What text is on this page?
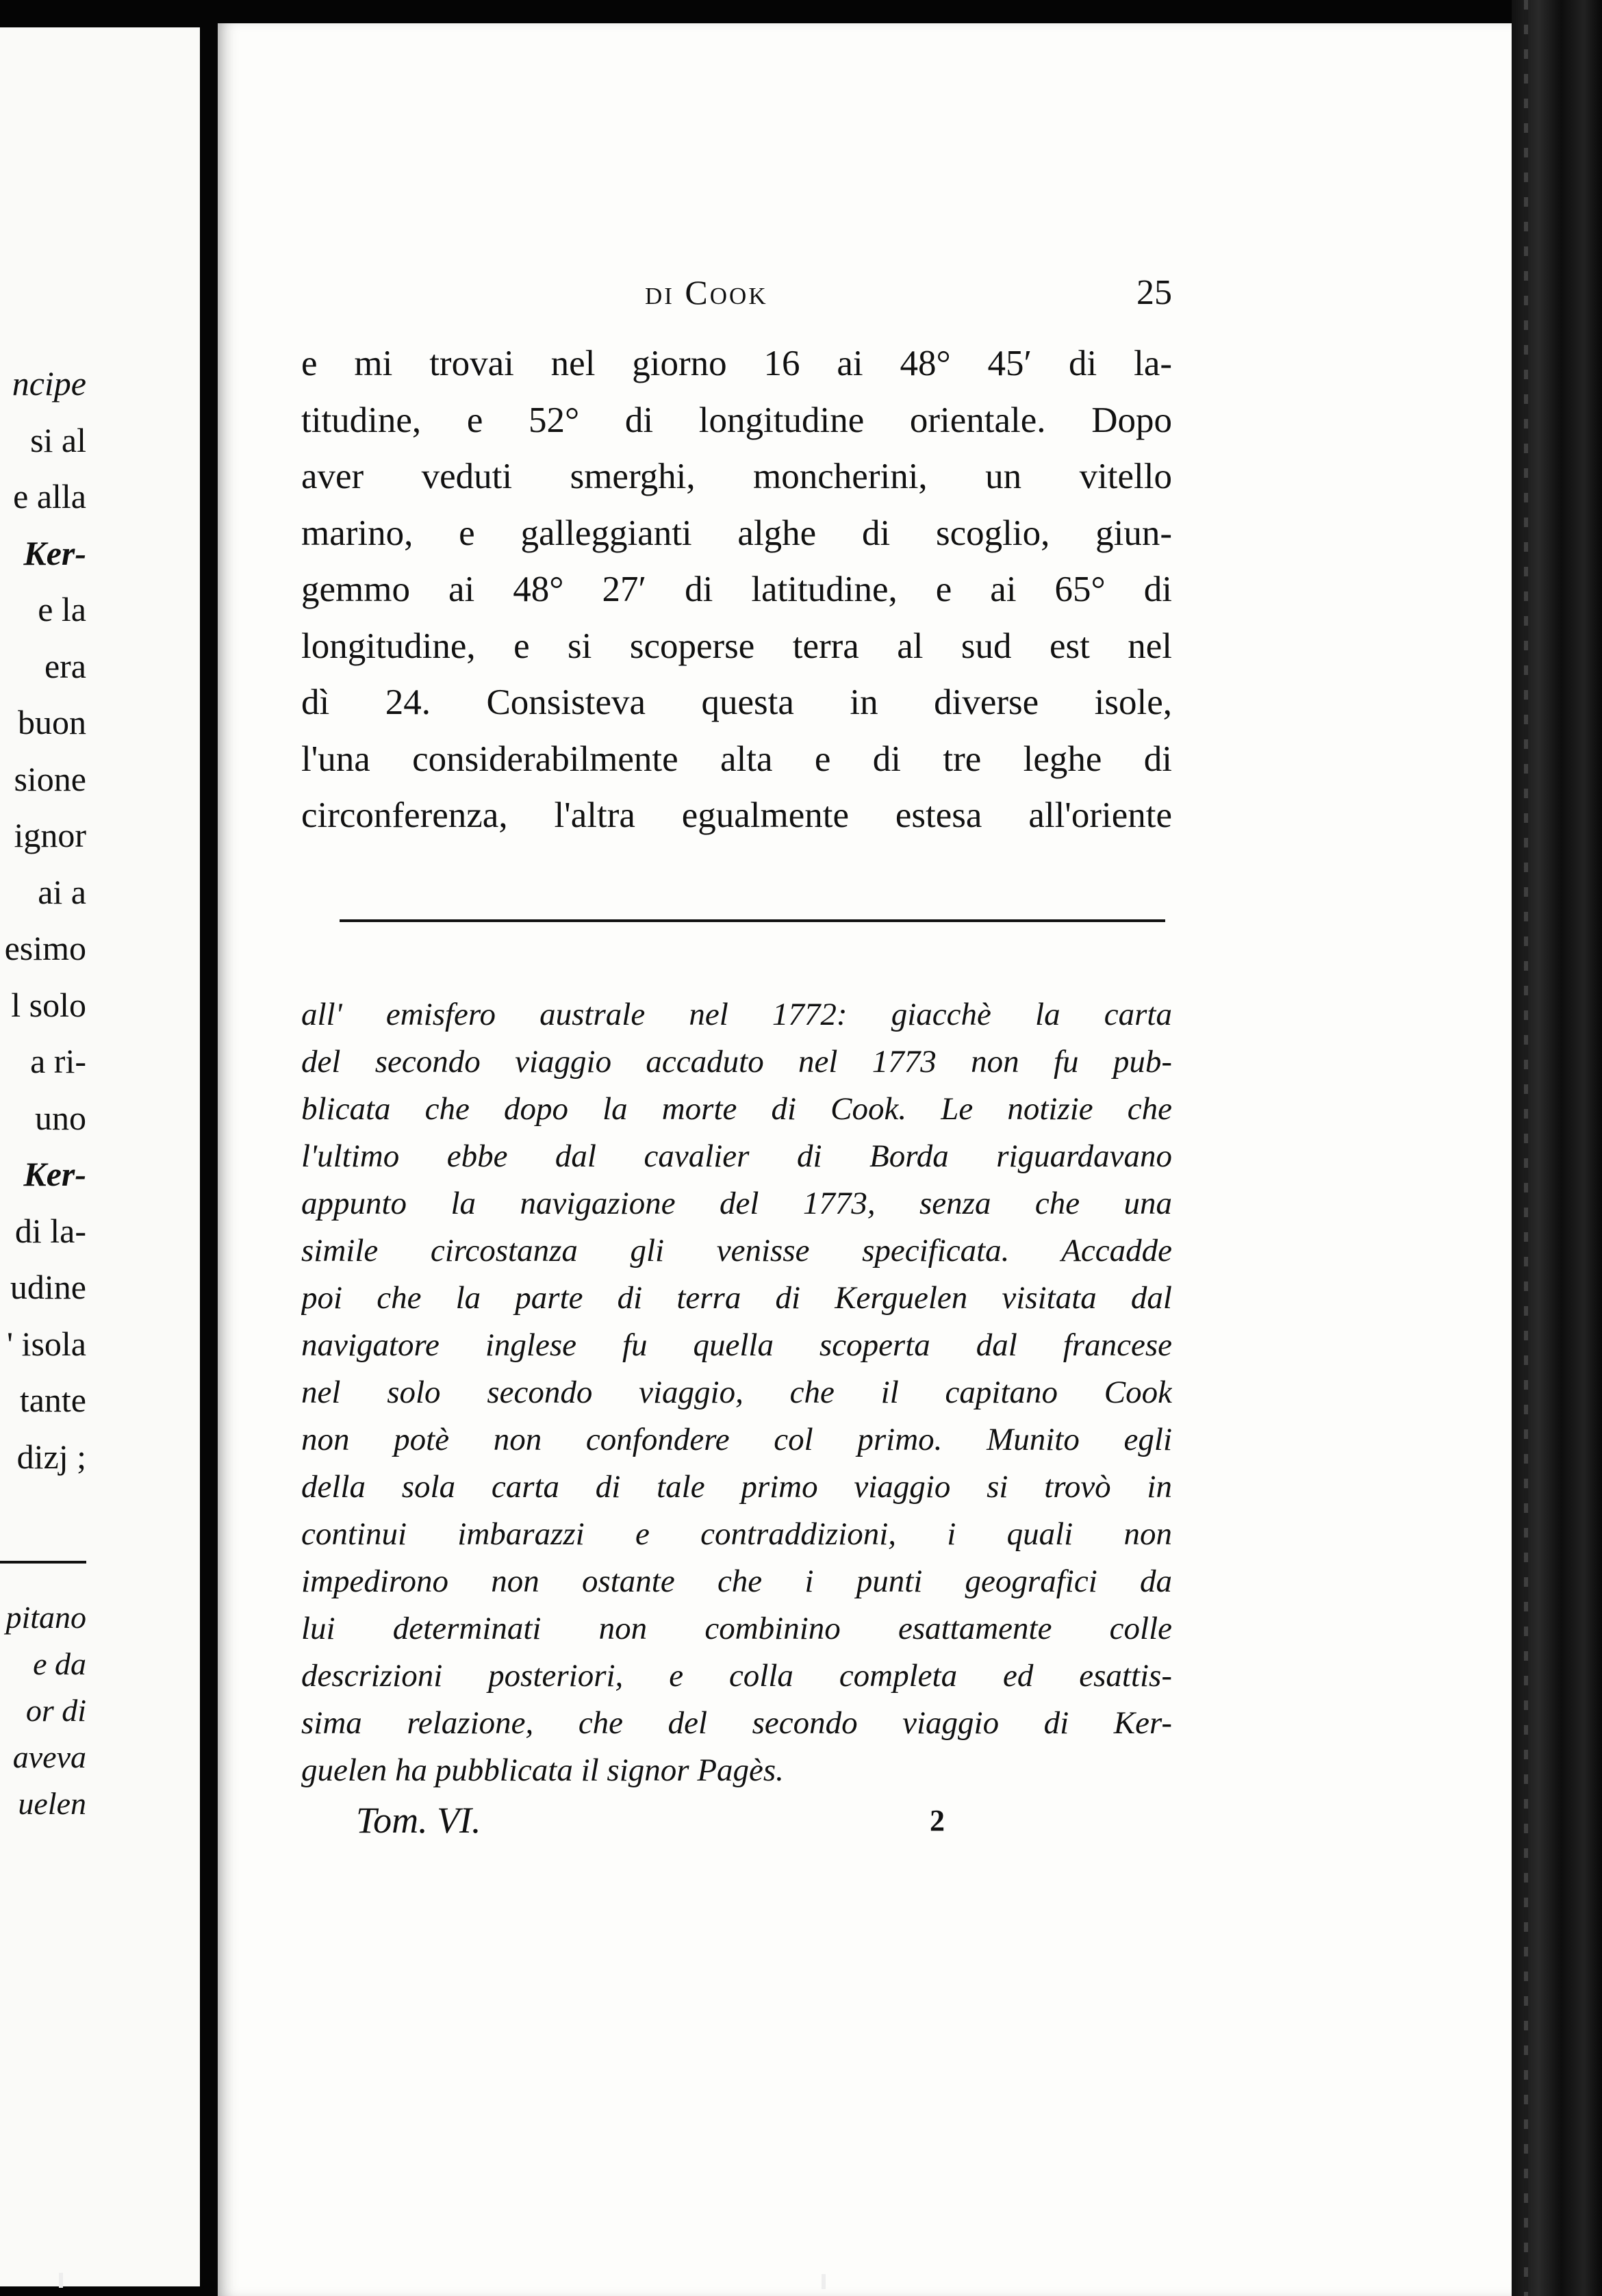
ncipe
si al
e alla
Ker-
e la
era
buon
sione
ignor
ai a
esimo
l solo
a ri-
uno
Ker-
di la-
udine
' isola
tante
dizj ;
pitano
e da
or di
aveva
uelen
di Cook	25
e mi trovai nel giorno 16 ai 48° 45′ di la-
titudine, e 52° di longitudine orientale. Dopo
aver veduti smerghi, moncherini, un vitello
marino, e galleggianti alghe di scoglio, giun-
gemmo ai 48° 27′ di latitudine, e ai 65° di
longitudine, e si scoperse terra al sud est nel
dì 24. Consisteva questa in diverse isole,
l'una considerabilmente alta e di tre leghe di
circonferenza, l'altra egualmente estesa all'oriente
all' emisfero australe nel 1772: giacchè la carta
del secondo viaggio accaduto nel 1773 non fu pub-
blicata che dopo la morte di Cook. Le notizie che
l'ultimo ebbe dal cavalier di Borda riguardavano
appunto la navigazione del 1773, senza che una
simile circostanza gli venisse specificata. Accadde
poi che la parte di terra di Kerguelen visitata dal
navigatore inglese fu quella scoperta dal francese
nel solo secondo viaggio, che il capitano Cook
non potè non confondere col primo. Munito egli
della sola carta di tale primo viaggio si trovò in
continui imbarazzi e contraddizioni, i quali non
impedirono non ostante che i punti geografici da
lui determinati non combinino esattamente colle
descrizioni posteriori, e colla completa ed esattis-
sima relazione, che del secondo viaggio di Ker-
guelen ha pubblicata il signor Pagès.
Tom. VI.	2
